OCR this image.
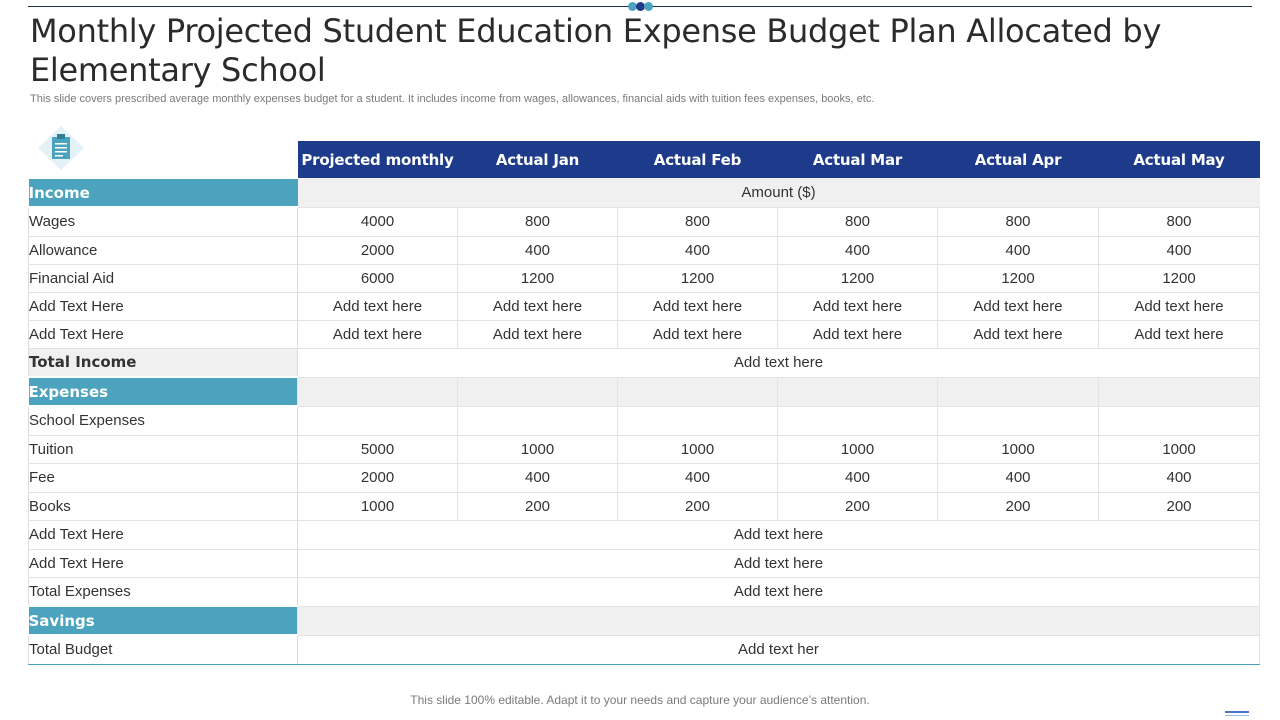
Monthly Projected Student Education Expense Budget Plan Allocated by Elementary School
This slide covers prescribed average monthly expenses budget for a student. It includes income from wages, allowances, financial aids with tuition fees expenses, books, etc.
	Projected monthly	Actual Jan	Actual Feb	Actual Mar	Actual Apr	Actual May
Income	Amount ($)					
Wages	4000	800	800	800	800	800
Allowance	2000	400	400	400	400	400
Financial Aid	6000	1200	1200	1200	1200	1200
Add Text Here	Add text here	Add text here	Add text here	Add text here	Add text here	Add text here
Add Text Here	Add text here	Add text here	Add text here	Add text here	Add text here	Add text here
Total Income	Add text here					
Expenses						
School Expenses						
Tuition	5000	1000	1000	1000	1000	1000
Fee	2000	400	400	400	400	400
Books	1000	200	200	200	200	200
Add Text Here	Add text here					
Add Text Here	Add text here					
Total Expenses	Add text here					
Savings						
Total Budget	Add text her					
This slide 100% editable. Adapt it to your needs and capture your audience’s attention.
